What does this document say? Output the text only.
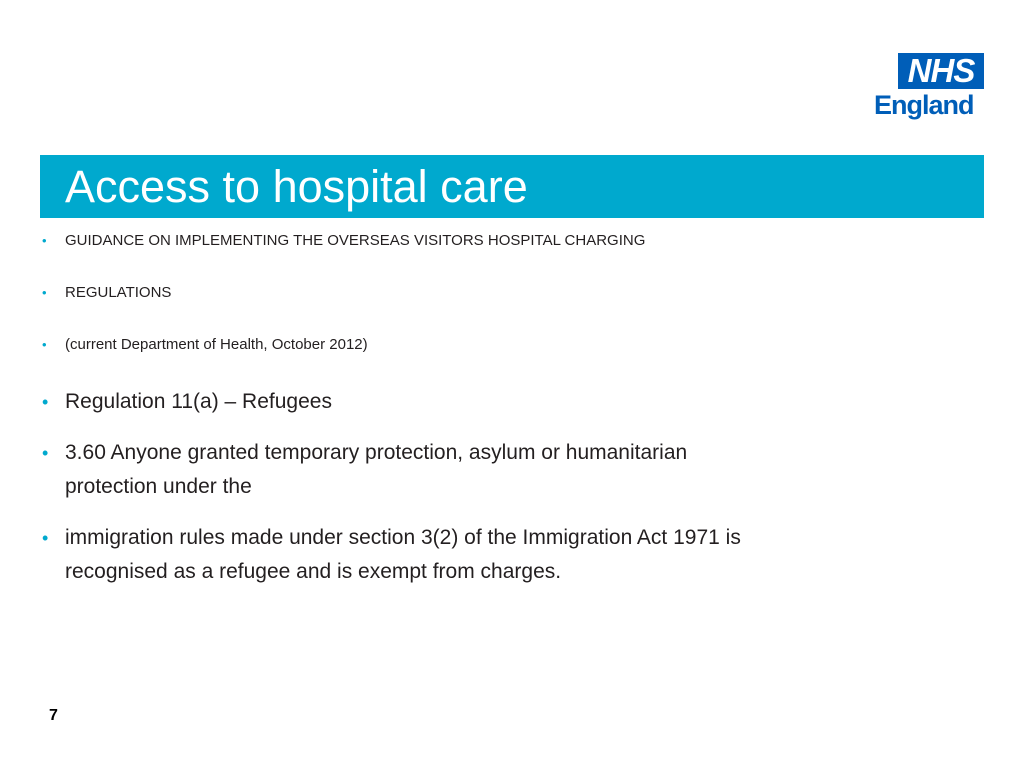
NHS
England
Access to hospital care
• GUIDANCE ON IMPLEMENTING THE OVERSEAS VISITORS HOSPITAL CHARGING
• REGULATIONS
• (current Department of Health, October 2012)
• Regulation 11(a) – Refugees
• 3.60 Anyone granted temporary protection, asylum or humanitarian protection under the
• immigration rules made under section 3(2) of the Immigration Act 1971 is recognised as a refugee and is exempt from charges.
7
